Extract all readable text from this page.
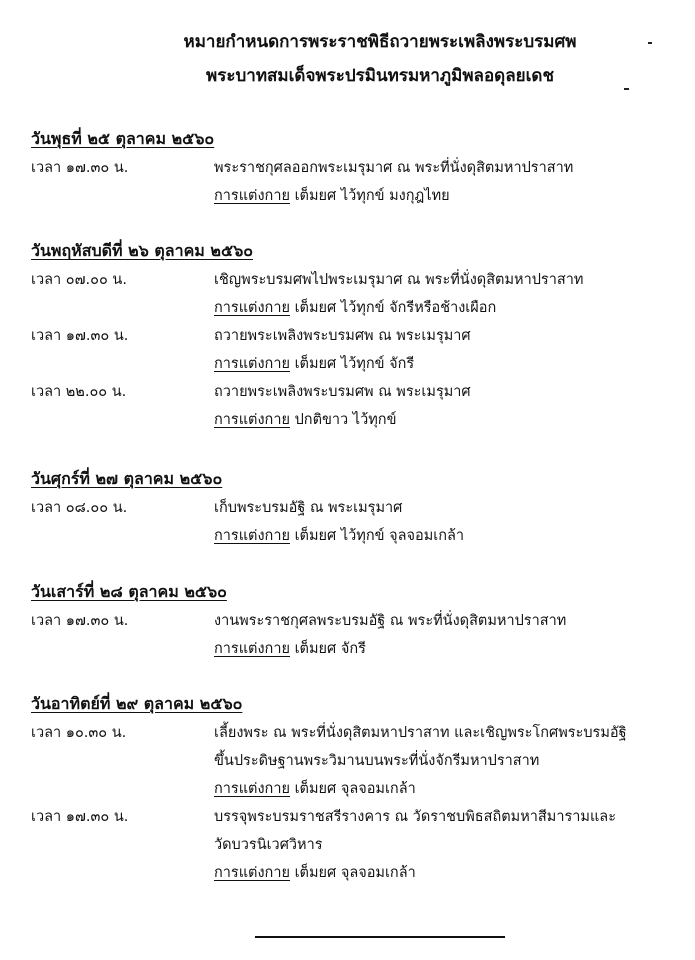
หมายกำหนดการพระราชพิธีถวายพระเพลิงพระบรมศพ
พระบาทสมเด็จพระปรมินทรมหาภูมิพลอดุลยเดช
วันพุธที่ ๒๕ ตุลาคม ๒๕๖๐
เวลา ๑๗.๓๐ น.	พระราชกุศลออกพระเมรุมาศ ณ พระที่นั่งดุสิตมหาปราสาท
การแต่งกาย เต็มยศ ไว้ทุกข์ มงกุฎไทย
วันพฤหัสบดีที่ ๒๖ ตุลาคม ๒๕๖๐
เวลา ๐๗.๐๐ น.	เชิญพระบรมศพไปพระเมรุมาศ ณ พระที่นั่งดุสิตมหาปราสาท
การแต่งกาย เต็มยศ ไว้ทุกข์ จักรีหรือช้างเผือก
เวลา ๑๗.๓๐ น.	ถวายพระเพลิงพระบรมศพ ณ พระเมรุมาศ
การแต่งกาย เต็มยศ ไว้ทุกข์ จักรี
เวลา ๒๒.๐๐ น.	ถวายพระเพลิงพระบรมศพ ณ พระเมรุมาศ
การแต่งกาย ปกติขาว ไว้ทุกข์
วันศุกร์ที่ ๒๗ ตุลาคม ๒๕๖๐
เวลา ๐๘.๐๐ น.	เก็บพระบรมอัฐิ ณ พระเมรุมาศ
การแต่งกาย เต็มยศ ไว้ทุกข์ จุลจอมเกล้า
วันเสาร์ที่ ๒๘ ตุลาคม ๒๕๖๐
เวลา ๑๗.๓๐ น.	งานพระราชกุศลพระบรมอัฐิ ณ พระที่นั่งดุสิตมหาปราสาท
การแต่งกาย เต็มยศ จักรี
วันอาทิตย์ที่ ๒๙ ตุลาคม ๒๕๖๐
เวลา ๑๐.๓๐ น.	เลี้ยงพระ ณ พระที่นั่งดุสิตมหาปราสาท และเชิญพระโกศพระบรมอัฐิ
ขึ้นประดิษฐานพระวิมานบนพระที่นั่งจักรีมหาปราสาท
การแต่งกาย เต็มยศ จุลจอมเกล้า
เวลา ๑๗.๓๐ น.	บรรจุพระบรมราชสรีรางคาร ณ วัดราชบพิธสถิตมหาสีมารามและ
วัดบวรนิเวศวิหาร
การแต่งกาย เต็มยศ จุลจอมเกล้า
